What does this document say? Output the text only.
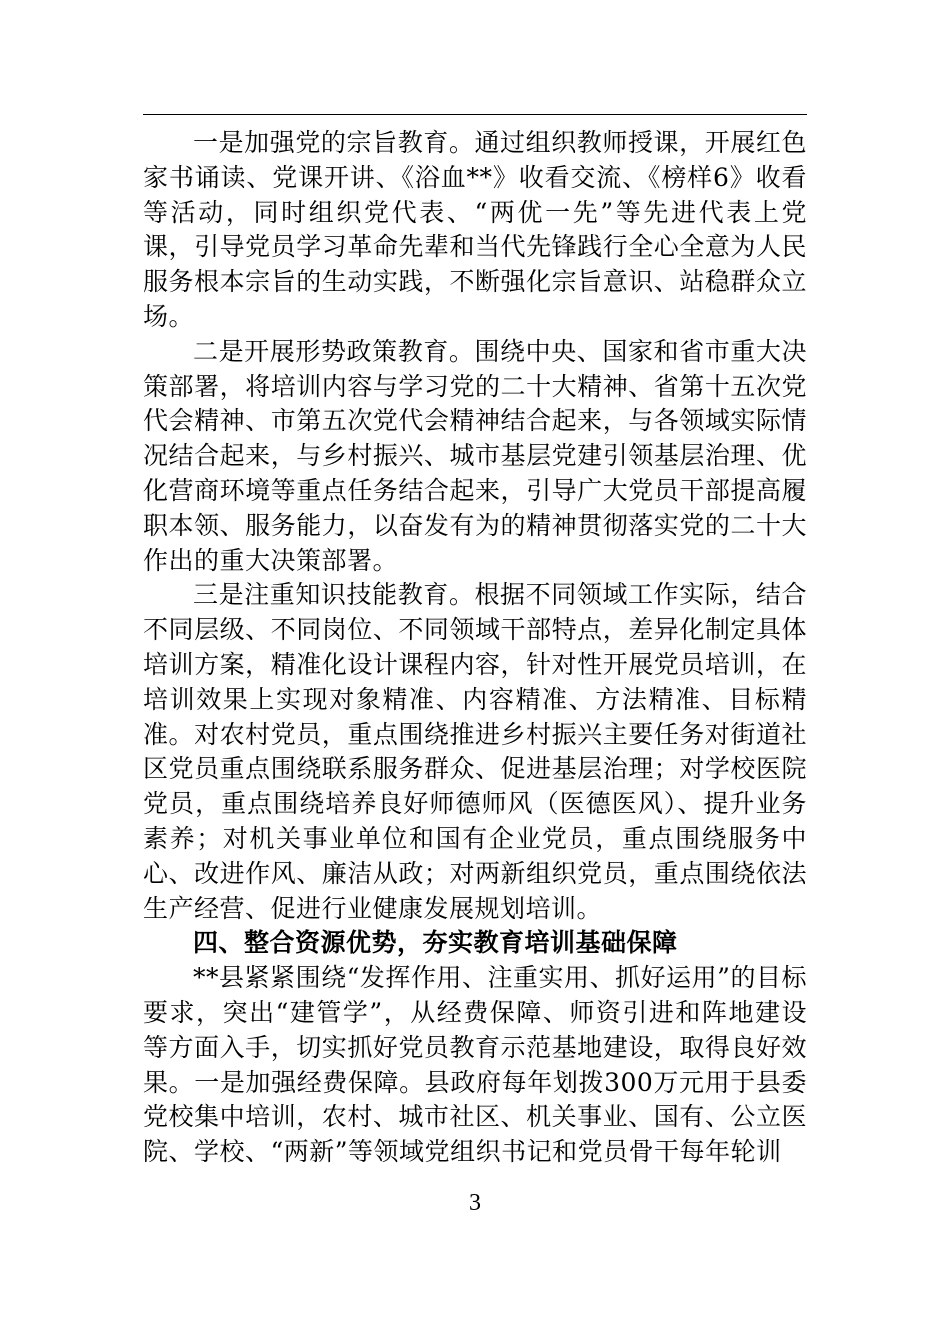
一是加强党的宗旨教育。通过组织教师授课，开展红色家书诵读、党课开讲、《浴血**》收看交流、《榜样6》收看等活动，同时组织党代表、“两优一先”等先进代表上党课，引导党员学习革命先辈和当代先锋践行全心全意为人民服务根本宗旨的生动实践，不断强化宗旨意识、站稳群众立场。

二是开展形势政策教育。围绕中央、国家和省市重大决策部署，将培训内容与学习党的二十大精神、省第十五次党代会精神、市第五次党代会精神结合起来，与各领域实际情况结合起来，与乡村振兴、城市基层党建引领基层治理、优化营商环境等重点任务结合起来，引导广大党员干部提高履职本领、服务能力，以奋发有为的精神贯彻落实党的二十大作出的重大决策部署。

三是注重知识技能教育。根据不同领域工作实际，结合不同层级、不同岗位、不同领域干部特点，差异化制定具体培训方案，精准化设计课程内容，针对性开展党员培训，在培训效果上实现对象精准、内容精准、方法精准、目标精准。对农村党员，重点围绕推进乡村振兴主要任务对街道社区党员重点围绕联系服务群众、促进基层治理；对学校医院党员，重点围绕培养良好师德师风（医德医风）、提升业务素养；对机关事业单位和国有企业党员，重点围绕服务中心、改进作风、廉洁从政；对两新组织党员，重点围绕依法生产经营、促进行业健康发展规划培训。

四、整合资源优势，夯实教育培训基础保障

**县紧紧围绕“发挥作用、注重实用、抓好运用”的目标要求，突出“建管学”，从经费保障、师资引进和阵地建设等方面入手，切实抓好党员教育示范基地建设，取得良好效果。一是加强经费保障。县政府每年划拨300万元用于县委党校集中培训，农村、城市社区、机关事业、国有、公立医院、学校、“两新”等领域党组织书记和党员骨干每年轮训

3
